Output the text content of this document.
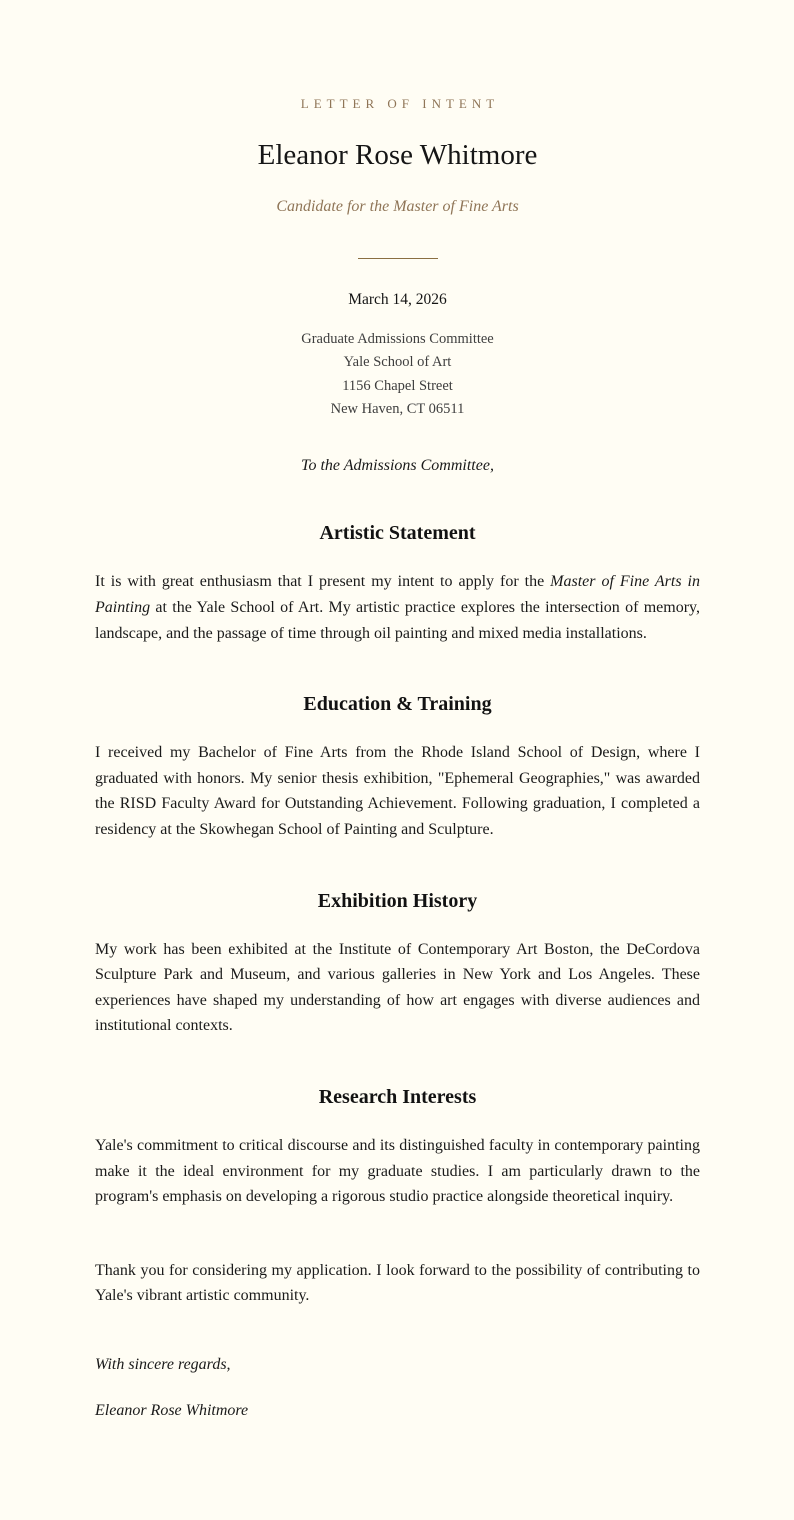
LETTER OF INTENT
Eleanor Rose Whitmore
Candidate for the Master of Fine Arts
March 14, 2026
Graduate Admissions Committee
Yale School of Art
1156 Chapel Street
New Haven, CT 06511

To the Admissions Committee,

Artistic Statement

It is with great enthusiasm that I present my intent to apply for the Master of Fine Arts in Painting at the Yale School of Art. My artistic practice explores the intersection of memory, landscape, and the passage of time through oil painting and mixed media installations.

Education & Training

I received my Bachelor of Fine Arts from the Rhode Island School of Design, where I graduated with honors. My senior thesis exhibition, "Ephemeral Geographies," was awarded the RISD Faculty Award for Outstanding Achievement. Following graduation, I completed a residency at the Skowhegan School of Painting and Sculpture.

Exhibition History

My work has been exhibited at the Institute of Contemporary Art Boston, the DeCordova Sculpture Park and Museum, and various galleries in New York and Los Angeles. These experiences have shaped my understanding of how art engages with diverse audiences and institutional contexts.

Research Interests

Yale's commitment to critical discourse and its distinguished faculty in contemporary painting make it the ideal environment for my graduate studies. I am particularly drawn to the program's emphasis on developing a rigorous studio practice alongside theoretical inquiry.

Thank you for considering my application. I look forward to the possibility of contributing to Yale's vibrant artistic community.

With sincere regards,

Eleanor Rose Whitmore
